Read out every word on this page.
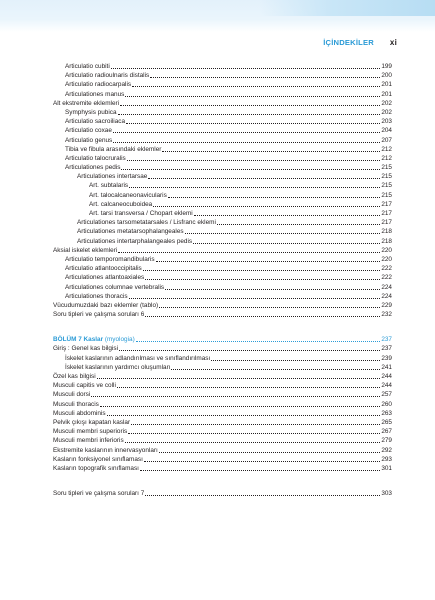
İÇİNDEKİLER xi
Articulatio cubiti	199
Articulatio radioulnaris distalis	200
Articulatio radiocarpalis	201
Articulationes manus	201
Alt ekstremite eklemleri	202
Symphysis pubica	202
Articulatio sacroiliaca	203
Articulatio coxae	204
Articulatio genus	207
Tibia ve fibula arasındaki eklemler	212
Articulatio talocruralis	212
Articulationes pedis	215
Articulationes intertarsae	215
Art. subtalaris	215
Art. talocalcaneonavicularis	215
Art. calcaneocuboidea	217
Art. tarsi transversa / Chopart eklemi	217
Articulationes tarsometatarsales / Lisfranc eklemi	217
Articulationes metatarsophalangeales	218
Articulationes intertarphalangeales pedis	218
Aksial iskelet eklemleri	220
Articulatio temporomandibularis	220
Articulatio atlantooccipitalis	222
Articulationes atlantoaxiales	222
Articulationes columnae vertebralis	224
Articulationes thoracis	224
Vücudumuzdaki bazı eklemler (tablo)	229
Soru tipleri ve çalışma soruları 6	232
BÖLÜM 7 Kaslar (myologia)	237
Giriş : Genel kas bilgisi	237
İskelet kaslarının adlandırılması ve sınıflandırılması	239
İskelet kaslarının yardımcı oluşumları	241
Özel kas bilgisi	244
Musculi capitis ve colli	244
Musculi dorsi	257
Musculi thoracis	260
Musculi abdominis	263
Pelvik çıkışı kapatan kaslar	265
Musculi membri superioris	267
Musculi membri inferioris	279
Ekstremite kaslarının innervasyonları	292
Kasların fonksiyonel sınıflaması	293
Kasların topografik sınıflaması	301
Soru tipleri ve çalışma soruları 7	303
